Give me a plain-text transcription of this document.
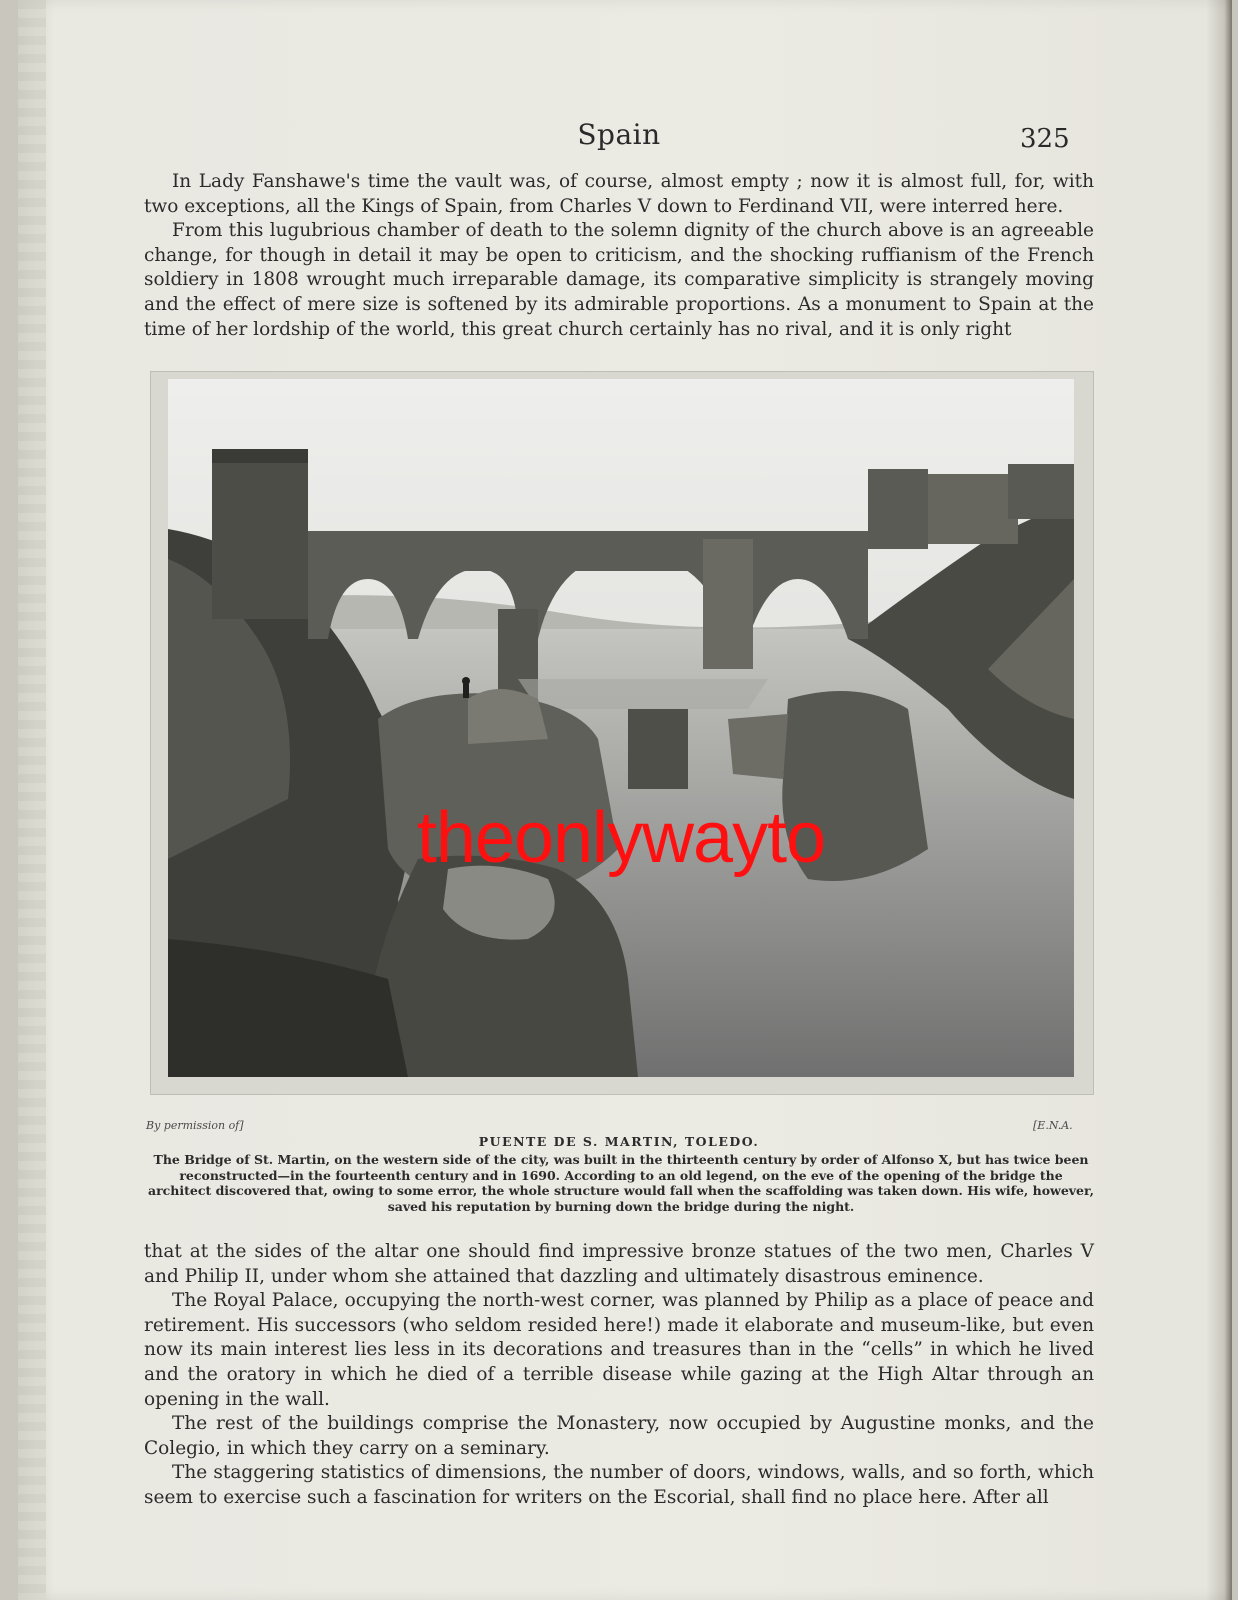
Spain	325

In Lady Fanshawe's time the vault was, of course, almost empty ; now it is almost full, for, with two exceptions, all the Kings of Spain, from Charles V down to Ferdinand VII, were interred here.

From this lugubrious chamber of death to the solemn dignity of the church above is an agreeable change, for though in detail it may be open to criticism, and the shocking ruffianism of the French soldiery in 1808 wrought much irreparable damage, its comparative simplicity is strangely moving and the effect of mere size is softened by its admirable proportions. As a monument to Spain at the time of her lordship of the world, this great church certainly has no rival, and it is only right

theonlywayto
By permission of]	[E.N.A.
PUENTE DE S. MARTIN, TOLEDO.
The Bridge of St. Martin, on the western side of the city, was built in the thirteenth century by order of Alfonso X, but has twice been reconstructed—in the fourteenth century and in 1690. According to an old legend, on the eve of the opening of the bridge the architect discovered that, owing to some error, the whole structure would fall when the scaffolding was taken down. His wife, however, saved his reputation by burning down the bridge during the night.

that at the sides of the altar one should find impressive bronze statues of the two men, Charles V and Philip II, under whom she attained that dazzling and ultimately disastrous eminence.

The Royal Palace, occupying the north-west corner, was planned by Philip as a place of peace and retirement. His successors (who seldom resided here!) made it elaborate and museum-like, but even now its main interest lies less in its decorations and treasures than in the “cells” in which he lived and the oratory in which he died of a terrible disease while gazing at the High Altar through an opening in the wall.

The rest of the buildings comprise the Monastery, now occupied by Augustine monks, and the Colegio, in which they carry on a seminary.

The staggering statistics of dimensions, the number of doors, windows, walls, and so forth, which seem to exercise such a fascination for writers on the Escorial, shall find no place here. After all
